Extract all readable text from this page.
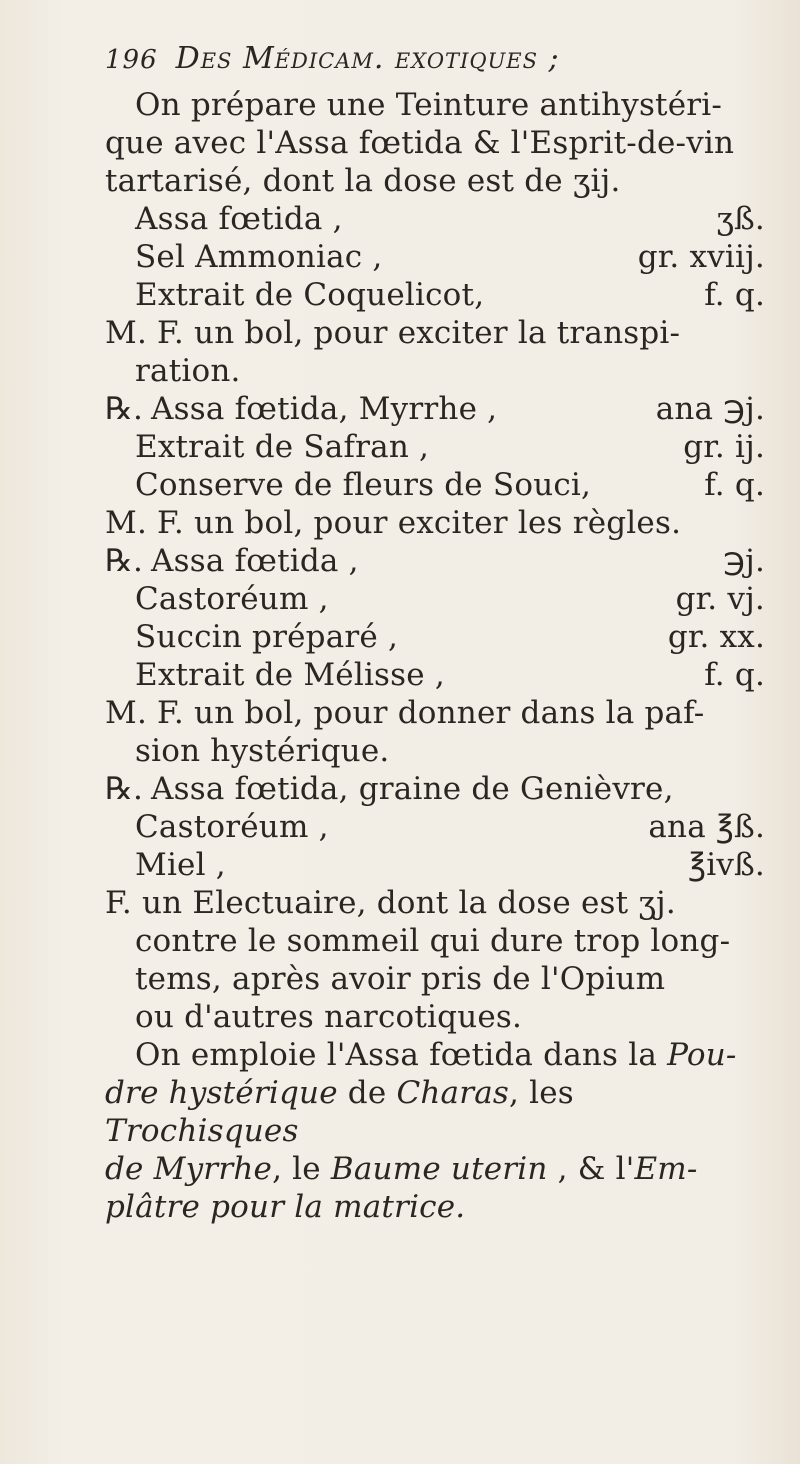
196 Des Médicam. exotiques ;
On prépare une Teinture antihystéri-
que avec l'Assa fœtida & l'Esprit-de-vin
tartarisé, dont la dose est de ʒij.
Assa fœtida ,	ʒß.
Sel Ammoniac ,	gr. xviij.
Extrait de Coquelicot,	f. q.
M. F. un bol, pour exciter la transpi-
ration.
℞. Assa fœtida, Myrrhe ,	ana ℈j.
Extrait de Safran ,	gr. ij.
Conserve de fleurs de Souci,	f. q.
M. F. un bol, pour exciter les règles.
℞. Assa fœtida ,	℈j.
Castoréum ,	gr. vj.
Succin préparé ,	gr. xx.
Extrait de Mélisse ,	f. q.
M. F. un bol, pour donner dans la paf-
sion hystérique.
℞. Assa fœtida, graine de Genièvre,
Castoréum ,	ana ℥ß.
Miel ,	℥ivß.
F. un Electuaire, dont la dose est ʒj.
contre le sommeil qui dure trop long-
tems, après avoir pris de l'Opium
ou d'autres narcotiques.
On emploie l'Assa fœtida dans la Pou-
dre hystérique de Charas, les Trochisques
de Myrrhe, le Baume uterin , & l'Em-
plâtre pour la matrice.
